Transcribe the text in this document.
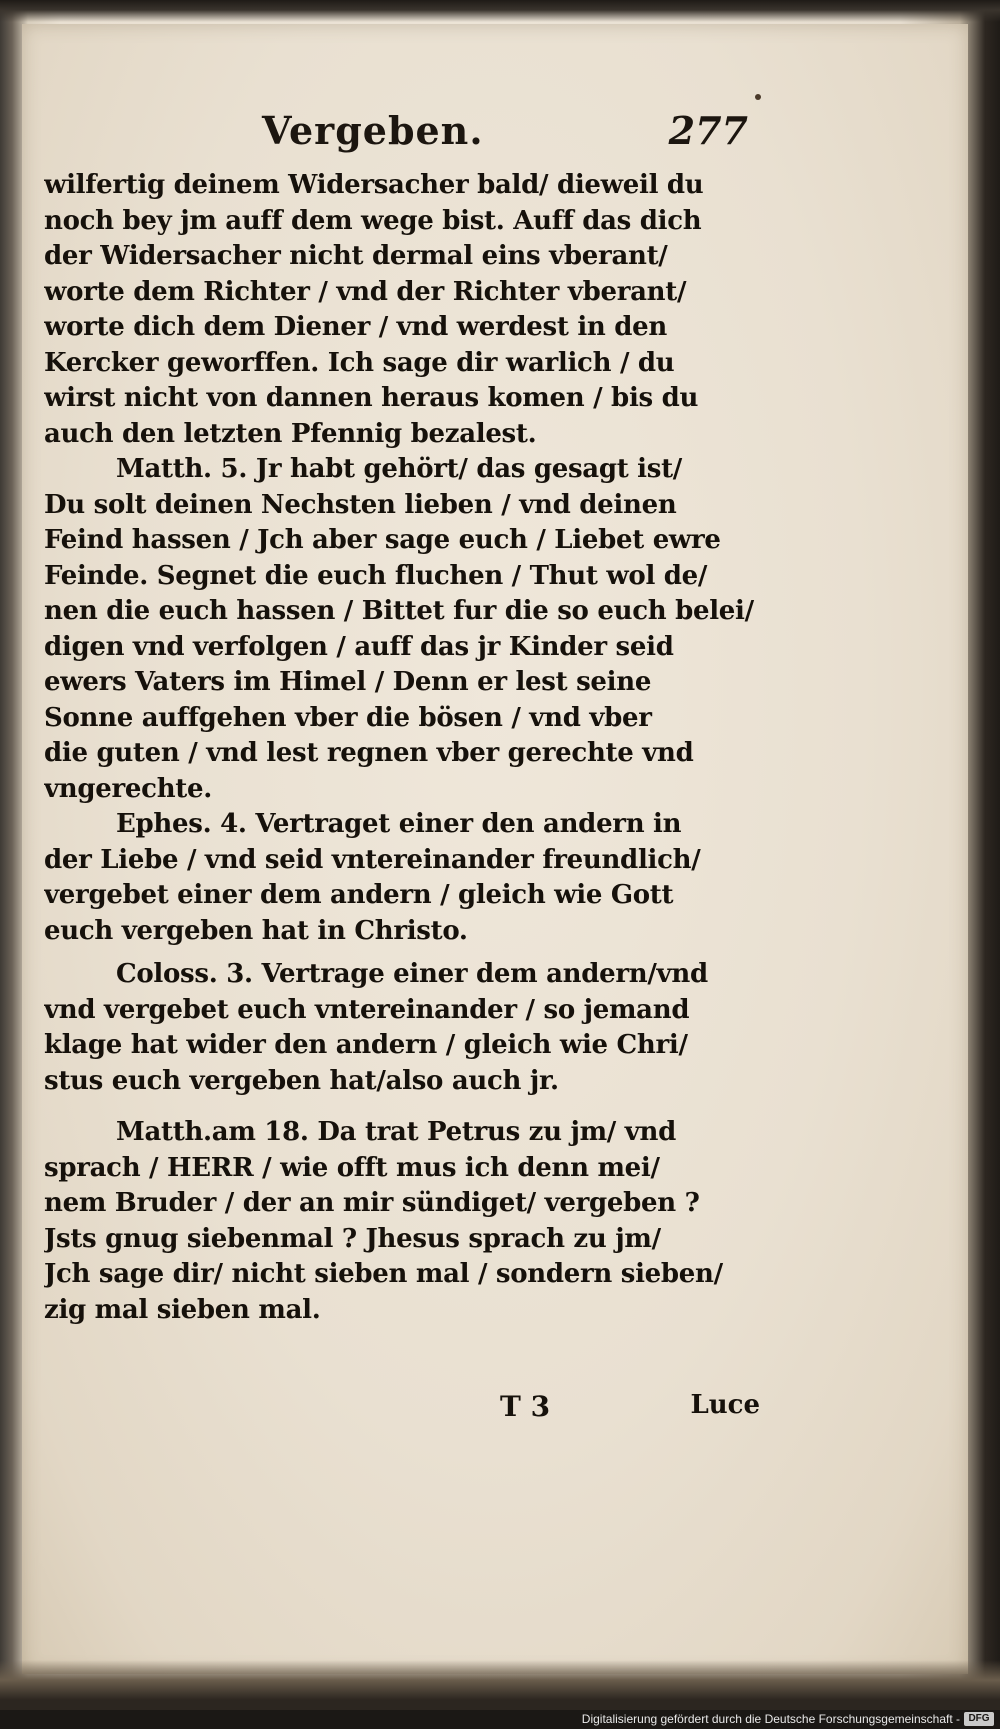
Vergeben.	277
wilfertig deinem Widersacher bald/ dieweil du
noch bey jm auff dem wege bist. Auff das dich
der Widersacher nicht dermal eins vberant/
worte dem Richter / vnd der Richter vberant/
worte dich dem Diener / vnd werdest in den
Kercker geworffen. Ich sage dir warlich / du
wirst nicht von dannen heraus komen / bis du
auch den letzten Pfennig bezalest.
Matth. 5. Jr habt gehört/ das gesagt ist/
Du solt deinen Nechsten lieben / vnd deinen
Feind hassen / Jch aber sage euch / Liebet ewre
Feinde. Segnet die euch fluchen / Thut wol de/
nen die euch hassen / Bittet fur die so euch belei/
digen vnd verfolgen / auff das jr Kinder seid
ewers Vaters im Himel / Denn er lest seine
Sonne auffgehen vber die bösen / vnd vber
die guten / vnd lest regnen vber gerechte vnd
vngerechte.
Ephes. 4. Vertraget einer den andern in
der Liebe / vnd seid vntereinander freundlich/
vergebet einer dem andern / gleich wie Gott
euch vergeben hat in Christo.
Coloss. 3. Vertrage einer dem andern/vnd
vnd vergebet euch vntereinander / so jemand
klage hat wider den andern / gleich wie Chri/
stus euch vergeben hat/also auch jr.
Matth.am 18. Da trat Petrus zu jm/ vnd
sprach / HERR / wie offt mus ich denn mei/
nem Bruder / der an mir sündiget/ vergeben ?
Jsts gnug siebenmal ? Jhesus sprach zu jm/
Jch sage dir/ nicht sieben mal / sondern sieben/
zig mal sieben mal.
T 3	Luce
Digitalisierung gefördert durch die Deutsche Forschungsgemeinschaft - DFG
